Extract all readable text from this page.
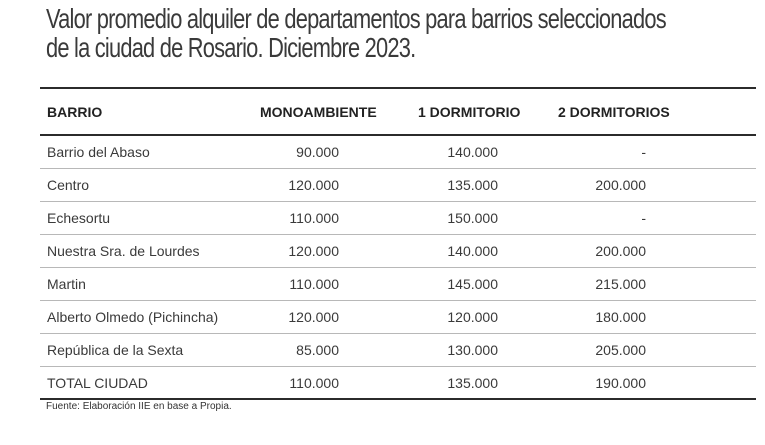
Valor promedio alquiler de departamentos para barrios seleccionados
de la ciudad de Rosario. Diciembre 2023.
BARRIO	MONOAMBIENTE	1 DORMITORIO	2 DORMITORIOS
Barrio del Abaso	90.000	140.000	-
Centro	120.000	135.000	200.000
Echesortu	110.000	150.000	-
Nuestra Sra. de Lourdes	120.000	140.000	200.000
Martin	110.000	145.000	215.000
Alberto Olmedo (Pichincha)	120.000	120.000	180.000
República de la Sexta	85.000	130.000	205.000
TOTAL CIUDAD	110.000	135.000	190.000
Fuente: Elaboración IIE en base a Propia.
